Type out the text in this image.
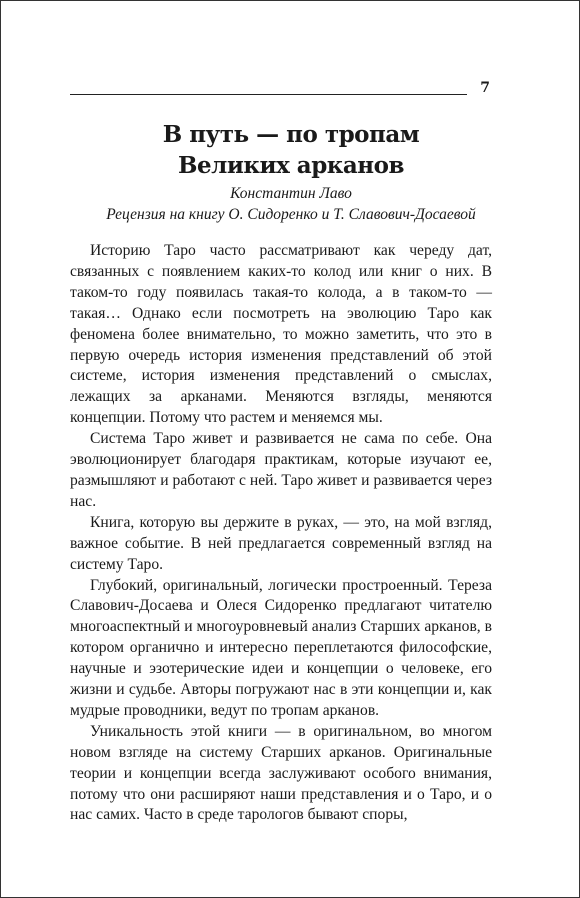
7
В путь — по тропам
Великих арканов
Константин Лаво
Рецензия на книгу О. Сидоренко и Т. Славович-Досаевой

Историю Таро часто рассматривают как череду дат, связанных с появлением каких-то колод или книг о них. В таком-то году появилась такая-то колода, а в таком-то — такая… Однако если посмотреть на эволюцию Таро как феномена более внимательно, то можно заметить, что это в первую очередь история изменения представлений об этой системе, история изменения представлений о смыслах, лежащих за арканами. Меняются взгляды, меняются концепции. Потому что растем и меняемся мы.

Система Таро живет и развивается не сама по себе. Она эволюционирует благодаря практикам, которые изучают ее, размышляют и работают с ней. Таро живет и развивается через нас.

Книга, которую вы держите в руках, — это, на мой взгляд, важное событие. В ней предлагается современный взгляд на систему Таро.

Глубокий, оригинальный, логически простроенный. Тереза Славович-Досаева и Олеся Сидоренко предлагают читателю многоаспектный и многоуровневый анализ Старших арканов, в котором органично и интересно переплетаются философские, научные и эзотерические идеи и концепции о человеке, его жизни и судьбе. Авторы погружают нас в эти концепции и, как мудрые проводники, ведут по тропам арканов.

Уникальность этой книги — в оригинальном, во многом новом взгляде на систему Старших арканов. Оригинальные теории и концепции всегда заслуживают особого внимания, потому что они расширяют наши представления и о Таро, и о нас самих. Часто в среде тарологов бывают споры,
